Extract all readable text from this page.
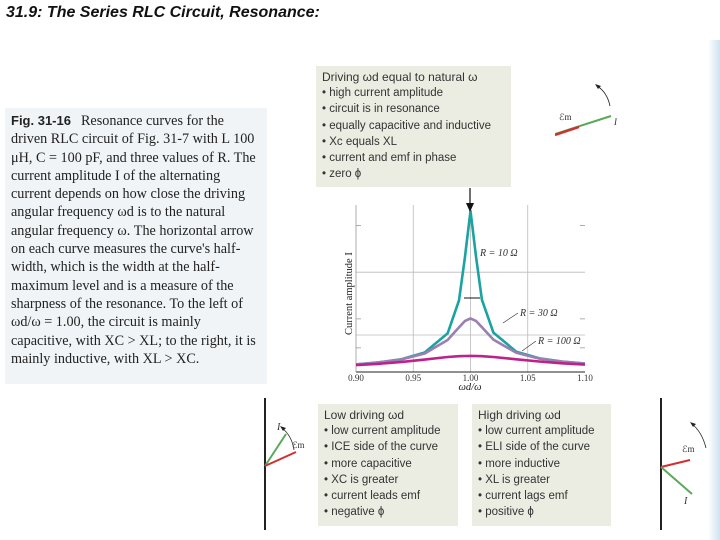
31.9: The Series RLC Circuit, Resonance:
Fig. 31-16 Resonance curves for the driven RLC circuit of Fig. 31-7 with L 100 μH, C = 100 pF, and three values of R. The current amplitude I of the alternating current depends on how close the driving angular frequency ωd is to the natural angular frequency ω. The horizontal arrow on each curve measures the curve's half-width, which is the width at the half-maximum level and is a measure of the sharpness of the resonance. To the left of ωd/ω = 1.00, the circuit is mainly capacitive, with XC > XL; to the right, it is mainly inductive, with XL > XC.
Driving ωd equal to natural ω
• high current amplitude
• circuit is in resonance
• equally capacitive and inductive
• Xc equals XL
• current and emf in phase
• zero ϕ
Low driving ωd
• low current amplitude
• ICE side of the curve
• more capacitive
• XC is greater
• current leads emf
• negative ϕ
High driving ωd
• low current amplitude
• ELI side of the curve
• more inductive
• XL is greater
• current lags emf
• positive ϕ
ℰm	I
I
ℰm	ℰm
I
R = 10 Ω
R = 30 Ω
R = 100 Ω
Current amplitude I
ωd/ω
0.90	0.95	1.00	1.05	1.10
